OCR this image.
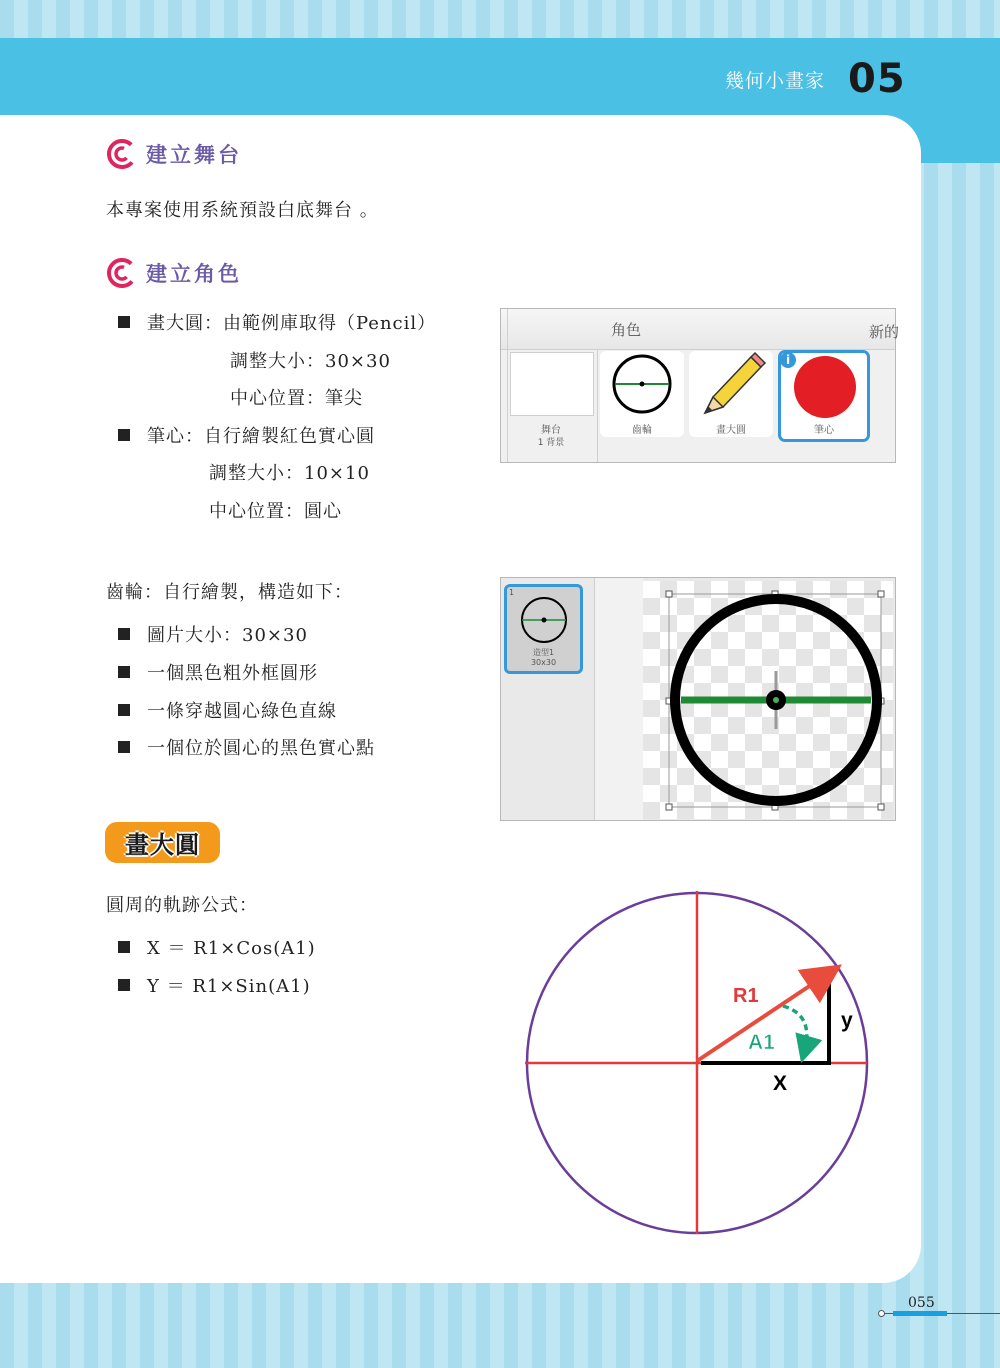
幾何小畫家 05
建立舞台
本專案使用系統預設白底舞台 。
建立角色
畫大圓：由範例庫取得（Pencil）
調整大小：30×30
中心位置：筆尖
筆心：自行繪製紅色實心圓
調整大小：10×10
中心位置：圓心
齒輪：自行繪製，構造如下：
圖片大小：30×30
一個黑色粗外框圓形
一條穿越圓心綠色直線
一個位於圓心的黑色實心點
畫大圓
圓周的軌跡公式：
X ＝ R1×Cos(A1)
Y ＝ R1×Sin(A1)
角色	新的
舞台
1 背景
齒輪	畫大圓
i
筆心
1
造型1
30x30
R1
A1
X
y
055
